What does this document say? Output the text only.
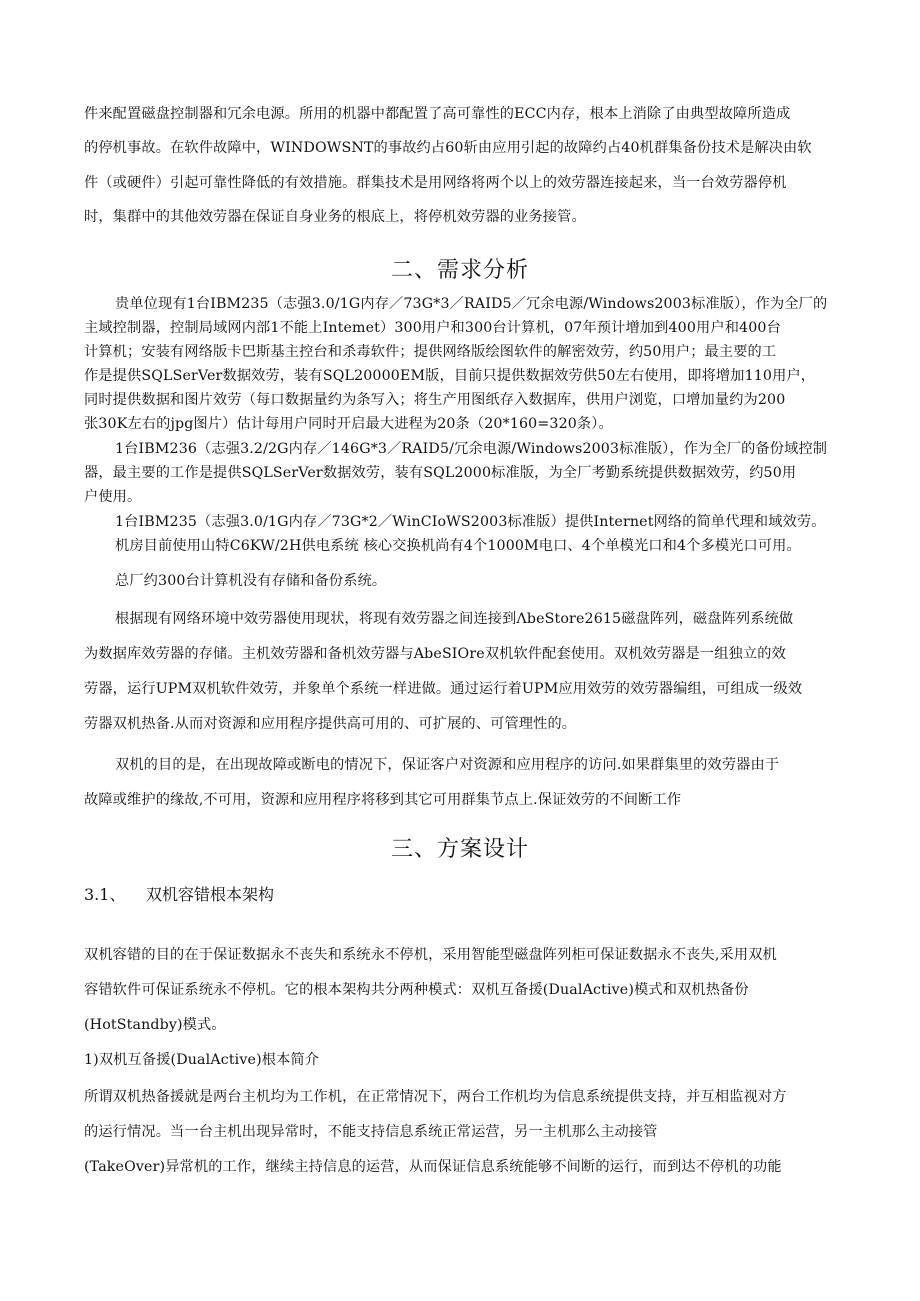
件来配置磁盘控制器和冗余电源。所用的机器中都配置了高可靠性的ECC内存，根本上消除了由典型故障所造成
的停机事故。在软件故障中，WINDOWSNT的事故约占60斩由应用引起的故障约占40机群集备份技术是解决由软
件（或硬件）引起可靠性降低的有效措施。群集技术是用网络将两个以上的效劳器连接起来，当一台效劳器停机
时，集群中的其他效劳器在保证自身业务的根底上，将停机效劳器的业务接管。
二、需求分析
贵单位现有1台IBM235（志强3.0/1G内存／73G*3／RAID5／冗余电源/Windows2003标准版），作为全厂的
主域控制器，控制局域网内部1不能上Intemet）300用户和300台计算机，07年预计增加到400用户和400台
计算机；安装有网络版卡巴斯基主控台和杀毒软件；提供网络版绘图软件的解密效劳，约50用户；最主要的工
作是提供SQLSerVer数据效劳，装有SQL20000EM版，目前只提供数据效劳供50左右使用，即将增加110用户，
同时提供数据和图片效劳（每口数据量约为条写入；将生产用图纸存入数据库，供用户浏览，口增加量约为200
张30K左右的jpg图片）估计每用户同时开启最大进程为20条（20*160=320条）。
1台IBM236（志强3.2/2G内存／146G*3／RAID5/冗余电源/Windows2003标准版），作为全厂的备份域控制
器，最主要的工作是提供SQLSerVer数据效劳，装有SQL2000标准版，为全厂考勤系统提供数据效劳，约50用
户使用。
1台IBM235（志强3.0/1G内存／73G*2／WinCIoWS2003标准版）提供Internet网络的简单代理和域效劳。
机房目前使用山特C6KW/2H供电系统 核心交换机尚有4个1000M电口、4个单模光口和4个多模光口可用。
总厂约300台计算机没有存储和备份系统。
根据现有网络环境中效劳器使用现状，将现有效劳器之间连接到ΛbeStore2615磁盘阵列，磁盘阵列系统做
为数据库效劳器的存储。主机效劳器和备机效劳器与AbeSIOre双机软件配套使用。双机效劳器是一组独立的效
劳器，运行UPM双机软件效劳，并象单个系统一样进做。通过运行着UPM应用效劳的效劳器编组，可组成一级效
劳器双机热备.从而对资源和应用程序提供高可用的、可扩展的、可管理性的。
双机的目的是，在出现故障或断电的情况下，保证客户对资源和应用程序的访问.如果群集里的效劳器由于
故障或维护的缘故,不可用，资源和应用程序将移到其它可用群集节点上.保证效劳的不间断工作
三、方案设计
3.1、 双机容错根本架构
双机容错的目的在于保证数据永不丧失和系统永不停机，采用智能型磁盘阵列柜可保证数据永不丧失,采用双机
容错软件可保证系统永不停机。它的根本架构共分两种模式：双机互备援(DualActive)模式和双机热备份
(HotStandby)模式。
1)双机互备援(DualActive)根本简介
所谓双机热备援就是两台主机均为工作机，在正常情况下，两台工作机均为信息系统提供支持，并互相监视对方
的运行情况。当一台主机出现异常时，不能支持信息系统正常运营，另一主机那么主动接管
(TakeOver)异常机的工作，继续主持信息的运营，从而保证信息系统能够不间断的运行，而到达不停机的功能
